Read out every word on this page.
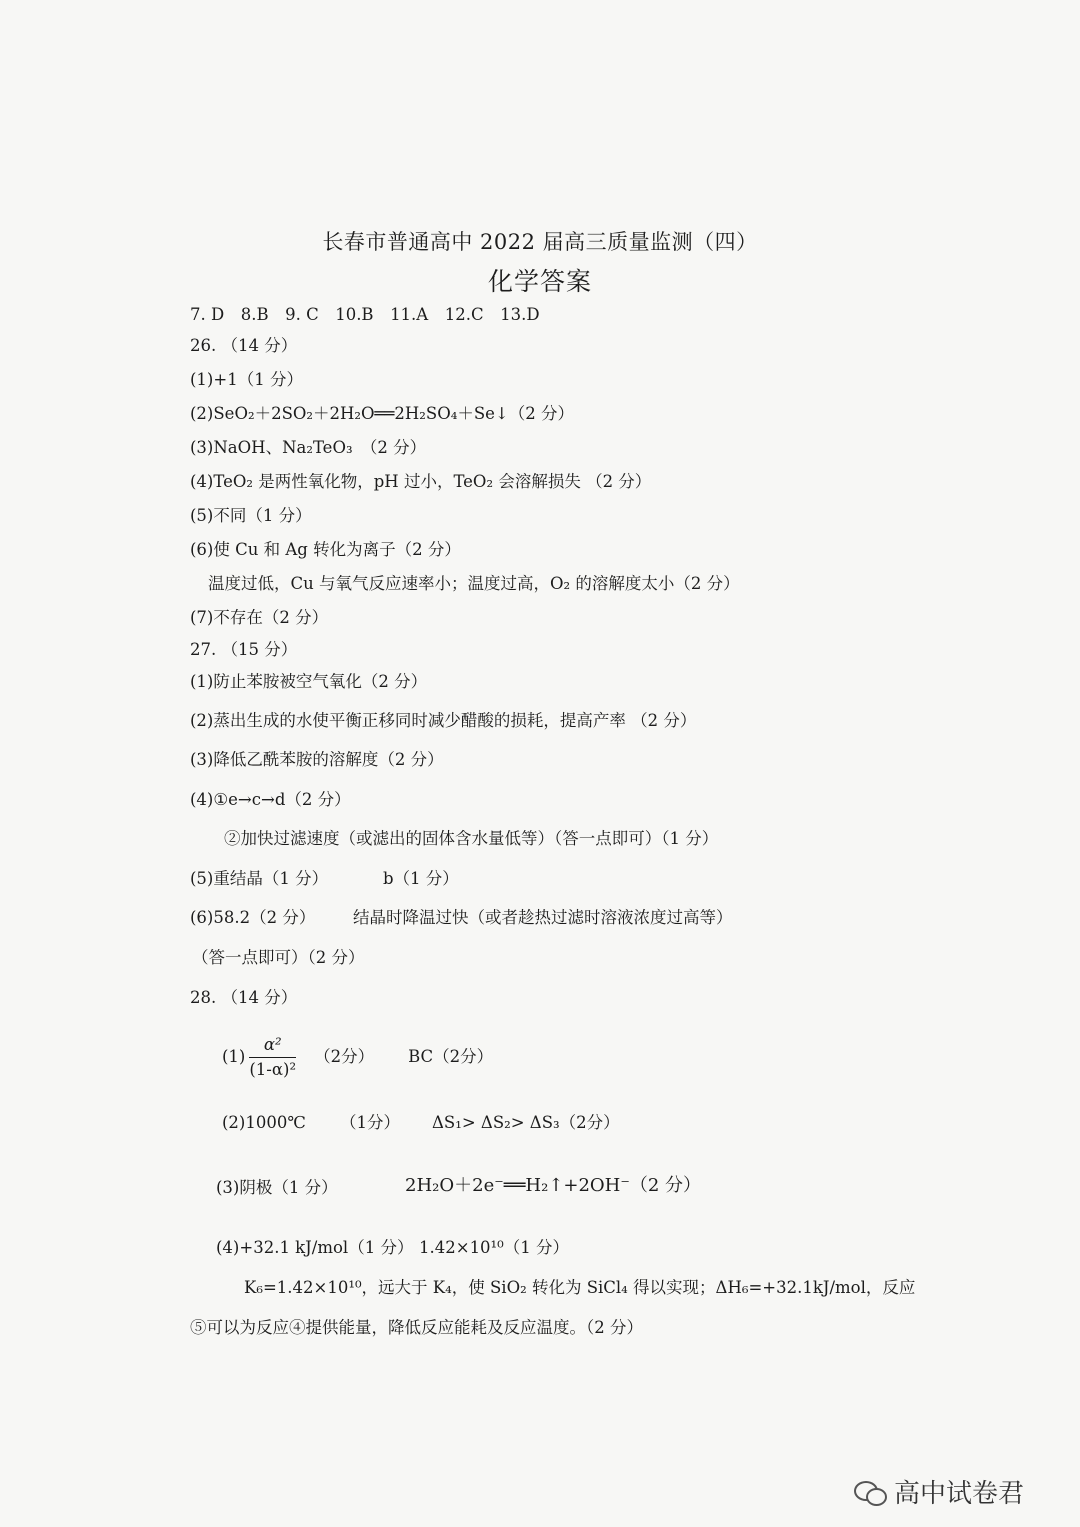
长春市普通高中 2022 届高三质量监测（四）
化学答案
7. D　8.B　9. C　10.B　11.A　12.C　13.D
26. （14 分）
(1)+1（1 分）
(2)SeO₂＋2SO₂＋2H₂O══2H₂SO₄＋Se↓（2 分）
(3)NaOH、Na₂TeO₃　（2 分）
(4)TeO₂ 是两性氧化物，pH 过小，TeO₂ 会溶解损失 （2 分）
(5)不同（1 分）
(6)使 Cu 和 Ag 转化为离子（2 分）
温度过低，Cu 与氧气反应速率小；温度过高，O₂ 的溶解度太小（2 分）
(7)不存在（2 分）
27. （15 分）
(1)防止苯胺被空气氧化（2 分）
(2)蒸出生成的水使平衡正移同时减少醋酸的损耗，提高产率 （2 分）
(3)降低乙酰苯胺的溶解度（2 分）
(4)①e→c→d（2 分）
②加快过滤速度（或滤出的固体含水量低等）（答一点即可）（1 分）
(5)重结晶（1 分）	b（1 分）
(6)58.2（2 分） 结晶时降温过快（或者趁热过滤时溶液浓度过高等）
（答一点即可）（2 分）
28. （14 分）
$(1) \frac{\text{α²}}{\text{(1-α)²}} (2$分） BC（2分）
(2)1000℃ （1分） ΔS₁> ΔS₂> ΔS₃（2分）
(3)阴极（1 分）	2H₂O＋2e⁻══H₂↑+2OH⁻（2 分）
(4)+32.1 kJ/mol（1 分） 1.42×10¹⁰（1 分）
K₆=1.42×10¹⁰，远大于 K₄，使 SiO₂ 转化为 SiCl₄ 得以实现；ΔH₆=+32.1kJ/mol，反应
⑤可以为反应④提供能量，降低反应能耗及反应温度。（2 分）
高中试卷君
